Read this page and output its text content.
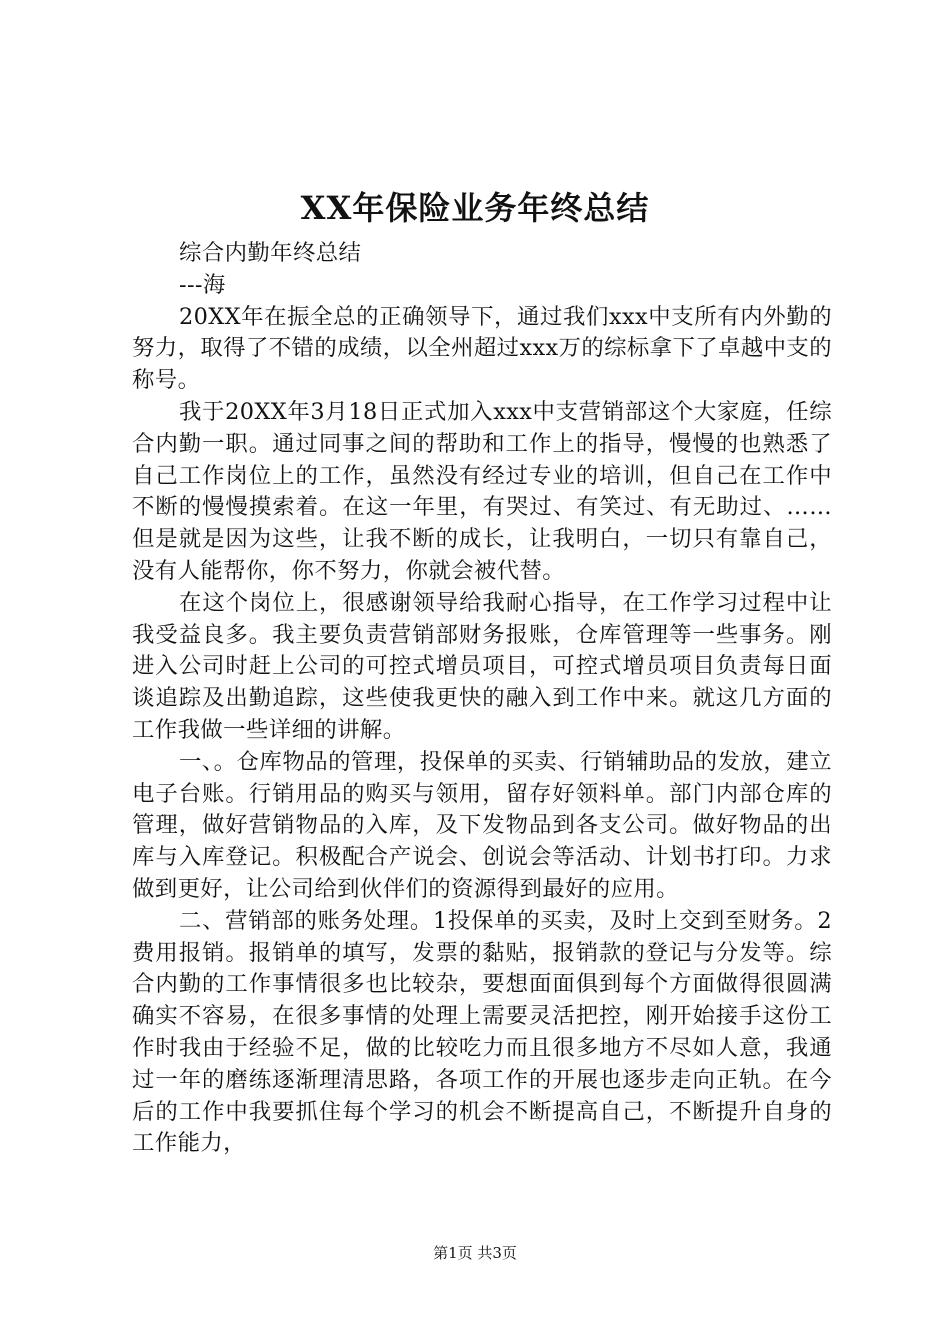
XX年保险业务年终总结

综合内勤年终总结

---海

20XX年在振全总的正确领导下，通过我们xxx中支所有内外勤的努力，取得了不错的成绩，以全州超过xxx万的综标拿下了卓越中支的称号。

我于20XX年3月18日正式加入xxx中支营销部这个大家庭，任综合内勤一职。通过同事之间的帮助和工作上的指导，慢慢的也熟悉了自己工作岗位上的工作，虽然没有经过专业的培训，但自己在工作中不断的慢慢摸索着。在这一年里，有哭过、有笑过、有无助过、……但是就是因为这些，让我不断的成长，让我明白，一切只有靠自己，没有人能帮你，你不努力，你就会被代替。

在这个岗位上，很感谢领导给我耐心指导，在工作学习过程中让我受益良多。我主要负责营销部财务报账，仓库管理等一些事务。刚进入公司时赶上公司的可控式增员项目，可控式增员项目负责每日面谈追踪及出勤追踪，这些使我更快的融入到工作中来。就这几方面的工作我做一些详细的讲解。

一、。仓库物品的管理，投保单的买卖、行销辅助品的发放，建立电子台账。行销用品的购买与领用，留存好领料单。部门内部仓库的管理，做好营销物品的入库，及下发物品到各支公司。做好物品的出库与入库登记。积极配合产说会、创说会等活动、计划书打印。力求做到更好，让公司给到伙伴们的资源得到最好的应用。

二、营销部的账务处理。1投保单的买卖，及时上交到至财务。2费用报销。报销单的填写，发票的黏贴，报销款的登记与分发等。综合内勤的工作事情很多也比较杂，要想面面俱到每个方面做得很圆满确实不容易，在很多事情的处理上需要灵活把控，刚开始接手这份工作时我由于经验不足，做的比较吃力而且很多地方不尽如人意，我通过一年的磨练逐渐理清思路，各项工作的开展也逐步走向正轨。在今后的工作中我要抓住每个学习的机会不断提高自己，不断提升自身的工作能力，

第1页 共3页
